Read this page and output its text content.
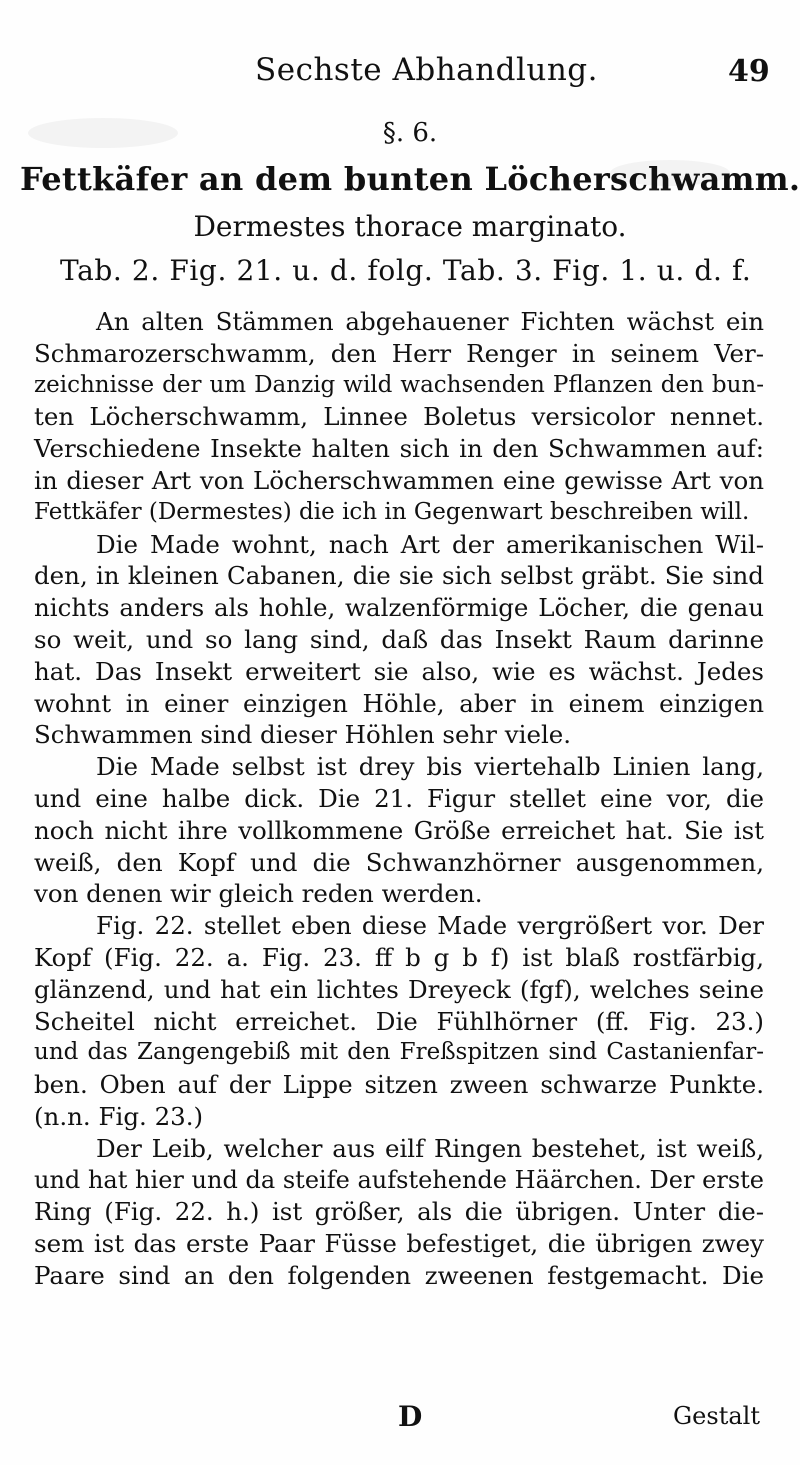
Sechste Abhandlung.	49
§. 6.
Fettkäfer an dem bunten Löcherschwamm.
Dermestes thorace marginato.
Tab. 2. Fig. 21. u. d. folg. Tab. 3. Fig. 1. u. d. f.

An alten Stämmen abgehauener Fichten wächst ein
Schmarozerschwamm, den Herr Renger in seinem Ver-
zeichnisse der um Danzig wild wachsenden Pflanzen den bun-
ten Löcherschwamm, Linnee Boletus versicolor nennet.
Verschiedene Insekte halten sich in den Schwammen auf:
in dieser Art von Löcherschwammen eine gewisse Art von
Fettkäfer (Dermestes) die ich in Gegenwart beschreiben will.

Die Made wohnt, nach Art der amerikanischen Wil-
den, in kleinen Cabanen, die sie sich selbst gräbt. Sie sind
nichts anders als hohle, walzenförmige Löcher, die genau
so weit, und so lang sind, daß das Insekt Raum darinne
hat. Das Insekt erweitert sie also, wie es wächst. Jedes
wohnt in einer einzigen Höhle, aber in einem einzigen
Schwammen sind dieser Höhlen sehr viele.

Die Made selbst ist drey bis viertehalb Linien lang,
und eine halbe dick. Die 21. Figur stellet eine vor, die
noch nicht ihre vollkommene Größe erreichet hat. Sie ist
weiß, den Kopf und die Schwanzhörner ausgenommen,
von denen wir gleich reden werden.

Fig. 22. stellet eben diese Made vergrößert vor. Der
Kopf (Fig. 22. a. Fig. 23. ff b g b f) ist blaß rostfärbig,
glänzend, und hat ein lichtes Dreyeck (fgf), welches seine
Scheitel nicht erreichet. Die Fühlhörner (ff. Fig. 23.)
und das Zangengebiß mit den Freßspitzen sind Castanienfar-
ben. Oben auf der Lippe sitzen zween schwarze Punkte.
(n.n. Fig. 23.)

Der Leib, welcher aus eilf Ringen bestehet, ist weiß,
und hat hier und da steife aufstehende Häärchen. Der erste
Ring (Fig. 22. h.) ist größer, als die übrigen. Unter die-
sem ist das erste Paar Füsse befestiget, die übrigen zwey
Paare sind an den folgenden zweenen festgemacht. Die

D	Gestalt
